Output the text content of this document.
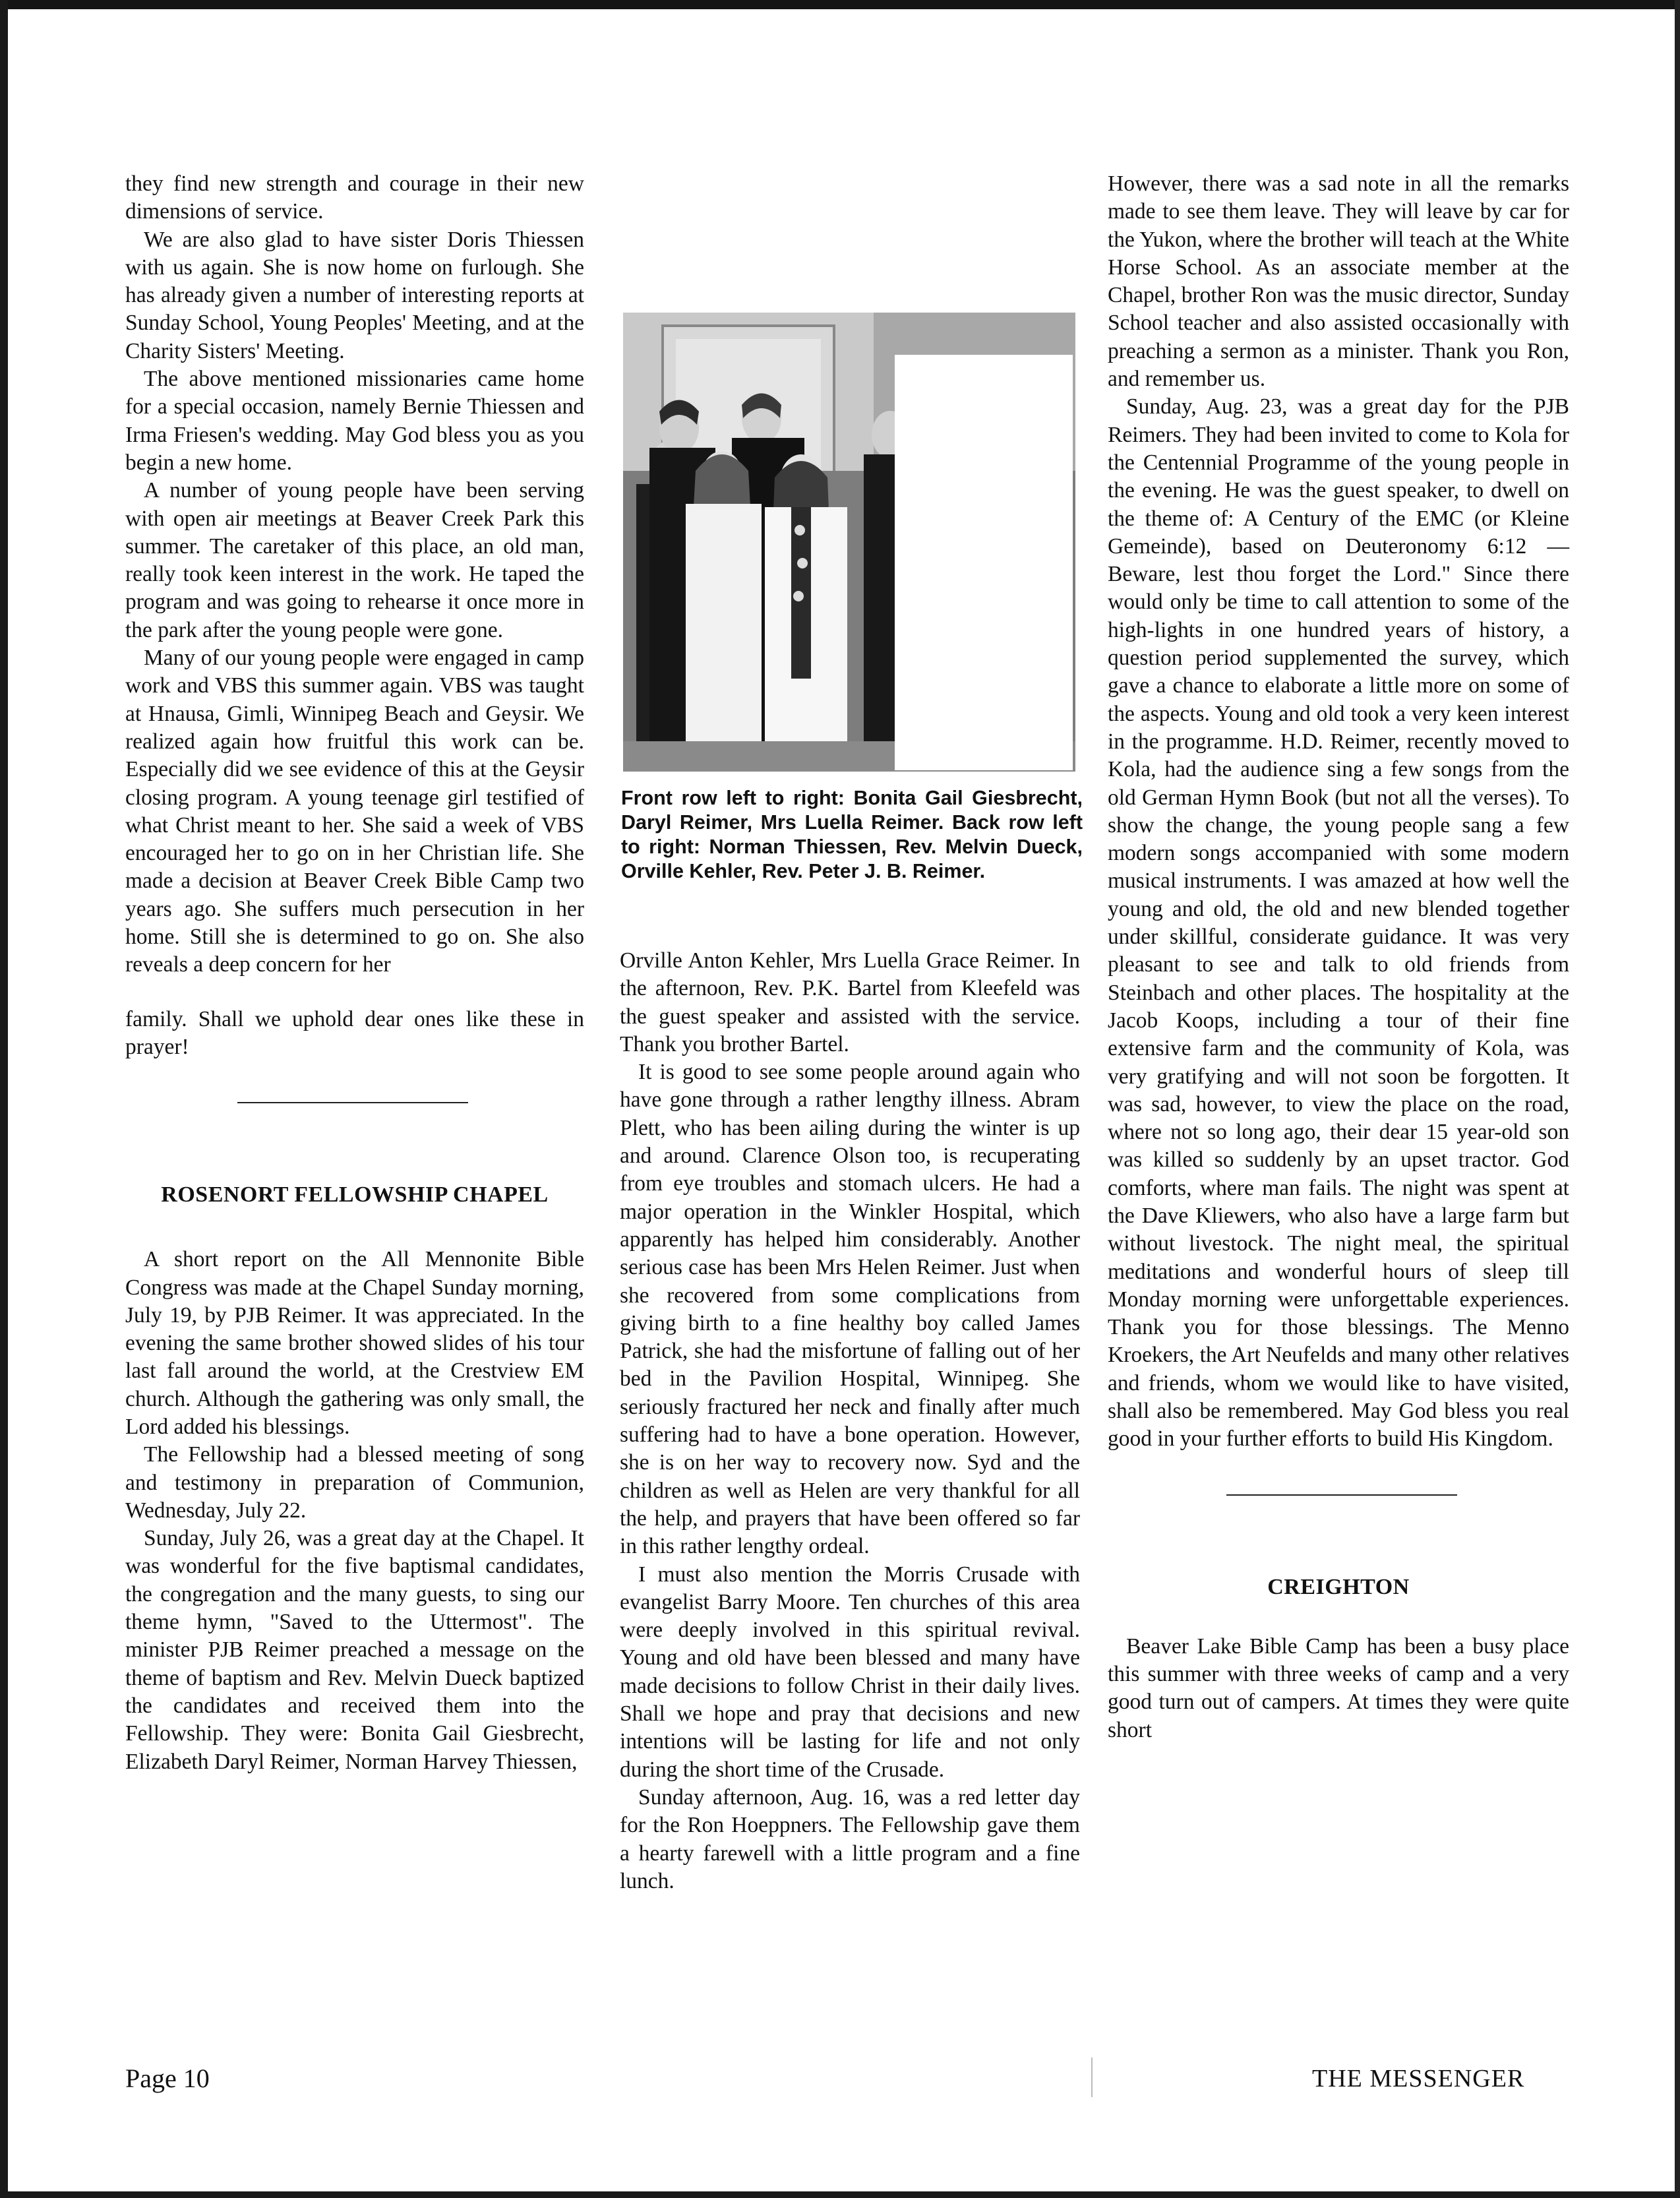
they find new strength and courage in their new dimensions of service.

We are also glad to have sister Doris Thiessen with us again. She is now home on furlough. She has already given a number of interesting reports at Sunday School, Young Peoples' Meeting, and at the Charity Sisters' Meeting.

The above mentioned missionaries came home for a special occasion, namely Bernie Thiessen and Irma Friesen's wedding. May God bless you as you begin a new home.

A number of young people have been serving with open air meetings at Beaver Creek Park this summer. The caretaker of this place, an old man, really took keen interest in the work. He taped the program and was going to rehearse it once more in the park after the young people were gone.

Many of our young people were engaged in camp work and VBS this summer again. VBS was taught at Hnausa, Gimli, Winnipeg Beach and Geysir. We realized again how fruitful this work can be. Especially did we see evidence of this at the Geysir closing program. A young teenage girl testified of what Christ meant to her. She said a week of VBS encouraged her to go on in her Christian life. She made a decision at Beaver Creek Bible Camp two years ago. She suffers much persecution in her home. Still she is determined to go on. She also reveals a deep concern for her

family. Shall we uphold dear ones like these in prayer!

ROSENORT FELLOWSHIP CHAPEL

A short report on the All Mennonite Bible Congress was made at the Chapel Sunday morning, July 19, by PJB Reimer. It was appreciated. In the evening the same brother showed slides of his tour last fall around the world, at the Crestview EM church. Although the gathering was only small, the Lord added his blessings.

The Fellowship had a blessed meeting of song and testimony in preparation of Communion, Wednesday, July 22.

Sunday, July 26, was a great day at the Chapel. It was wonderful for the five baptismal candidates, the congregation and the many guests, to sing our theme hymn, "Saved to the Uttermost". The minister PJB Reimer preached a message on the theme of baptism and Rev. Melvin Dueck baptized the candidates and received them into the Fellowship. They were: Bonita Gail Giesbrecht, Elizabeth Daryl Reimer, Norman Harvey Thiessen,

Front row left to right: Bonita Gail Giesbrecht, Daryl Reimer, Mrs Luella Reimer. Back row left to right: Norman Thiessen, Rev. Melvin Dueck, Orville Kehler, Rev. Peter J. B. Reimer.

Orville Anton Kehler, Mrs Luella Grace Reimer. In the afternoon, Rev. P.K. Bartel from Kleefeld was the guest speaker and assisted with the service. Thank you brother Bartel.

It is good to see some people around again who have gone through a rather lengthy illness. Abram Plett, who has been ailing during the winter is up and around. Clarence Olson too, is recuperating from eye troubles and stomach ulcers. He had a major operation in the Winkler Hospital, which apparently has helped him considerably. Another serious case has been Mrs Helen Reimer. Just when she recovered from some complications from giving birth to a fine healthy boy called James Patrick, she had the misfortune of falling out of her bed in the Pavilion Hospital, Winnipeg. She seriously fractured her neck and finally after much suffering had to have a bone operation. However, she is on her way to recovery now. Syd and the children as well as Helen are very thankful for all the help, and prayers that have been offered so far in this rather lengthy ordeal.

I must also mention the Morris Crusade with evangelist Barry Moore. Ten churches of this area were deeply involved in this spiritual revival. Young and old have been blessed and many have made decisions to follow Christ in their daily lives. Shall we hope and pray that decisions and new intentions will be lasting for life and not only during the short time of the Crusade.

Sunday afternoon, Aug. 16, was a red letter day for the Ron Hoeppners. The Fellowship gave them a hearty farewell with a little program and a fine lunch.

However, there was a sad note in all the remarks made to see them leave. They will leave by car for the Yukon, where the brother will teach at the White Horse School. As an associate member at the Chapel, brother Ron was the music director, Sunday School teacher and also assisted occasionally with preaching a sermon as a minister. Thank you Ron, and remember us.

Sunday, Aug. 23, was a great day for the PJB Reimers. They had been invited to come to Kola for the Centennial Programme of the young people in the evening. He was the guest speaker, to dwell on the theme of: A Century of the EMC (or Kleine Gemeinde), based on Deuteronomy 6:12 — Beware, lest thou forget the Lord." Since there would only be time to call attention to some of the high-lights in one hundred years of history, a question period supplemented the survey, which gave a chance to elaborate a little more on some of the aspects. Young and old took a very keen interest in the programme. H.D. Reimer, recently moved to Kola, had the audience sing a few songs from the old German Hymn Book (but not all the verses). To show the change, the young people sang a few modern songs accompanied with some modern musical instruments. I was amazed at how well the young and old, the old and new blended together under skillful, considerate guidance. It was very pleasant to see and talk to old friends from Steinbach and other places. The hospitality at the Jacob Koops, including a tour of their fine extensive farm and the community of Kola, was very gratifying and will not soon be forgotten. It was sad, however, to view the place on the road, where not so long ago, their dear 15 year-old son was killed so suddenly by an upset tractor. God comforts, where man fails. The night was spent at the Dave Kliewers, who also have a large farm but without livestock. The night meal, the spiritual meditations and wonderful hours of sleep till Monday morning were unforgettable experiences. Thank you for those blessings. The Menno Kroekers, the Art Neufelds and many other relatives and friends, whom we would like to have visited, shall also be remembered. May God bless you real good in your further efforts to build His Kingdom.

CREIGHTON

Beaver Lake Bible Camp has been a busy place this summer with three weeks of camp and a very good turn out of campers. At times they were quite short

Page 10	THE MESSENGER
